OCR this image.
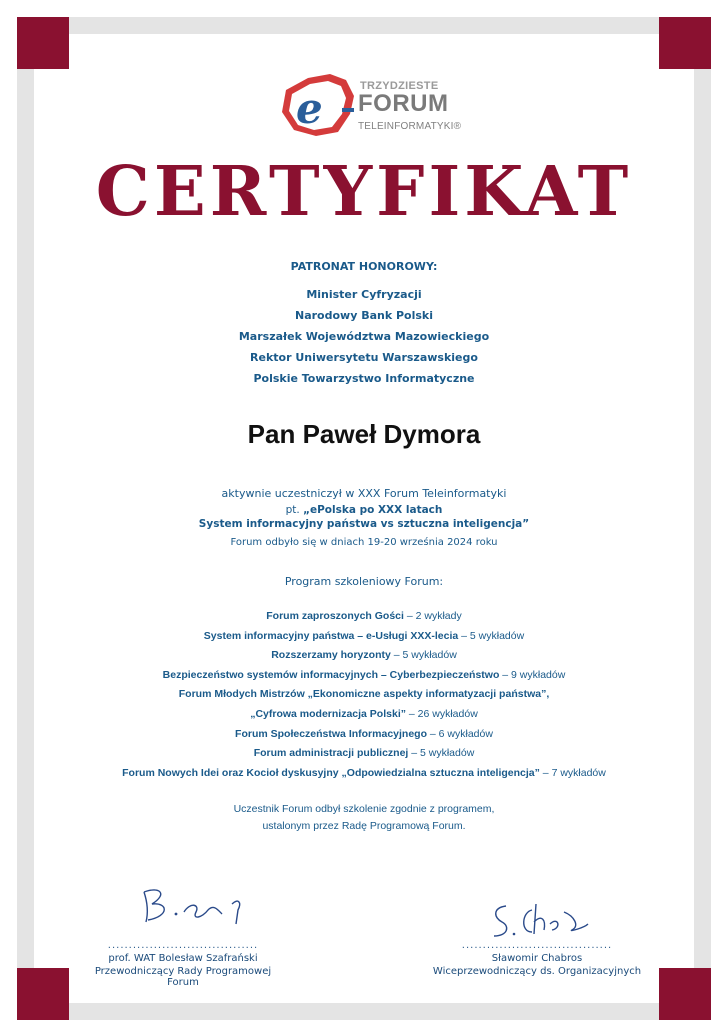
e	TRZYDZIESTE
FORUM
TELEINFORMATYKI®
CERTYFIKAT
PATRONAT HONOROWY:
Minister Cyfryzacji
Narodowy Bank Polski
Marszałek Województwa Mazowieckiego
Rektor Uniwersytetu Warszawskiego
Polskie Towarzystwo Informatyczne
Pan Paweł Dymora
aktywnie uczestniczył w XXX Forum Teleinformatyki
pt. „ePolska po XXX latach
System informacyjny państwa vs sztuczna inteligencja”
Forum odbyło się w dniach 19-20 września 2024 roku
Program szkoleniowy Forum:
Forum zaproszonych Gości – 2 wykłady
System informacyjny państwa – e-Usługi XXX-lecia – 5 wykładów
Rozszerzamy horyzonty – 5 wykładów
Bezpieczeństwo systemów informacyjnych – Cyberbezpieczeństwo – 9 wykładów
Forum Młodych Mistrzów „Ekonomiczne aspekty informatyzacji państwa”,
„Cyfrowa modernizacja Polski” – 26 wykładów
Forum Społeczeństwa Informacyjnego – 6 wykładów
Forum administracji publicznej – 5 wykładów
Forum Nowych Idei oraz Kocioł dyskusyjny „Odpowiedzialna sztuczna inteligencja” – 7 wykładów
Uczestnik Forum odbył szkolenie zgodnie z programem,
ustalonym przez Radę Programową Forum.
....................................
prof. WAT Bolesław Szafrański
Przewodniczący Rady Programowej Forum
....................................
Sławomir Chabros
Wiceprzewodniczący ds. Organizacyjnych
